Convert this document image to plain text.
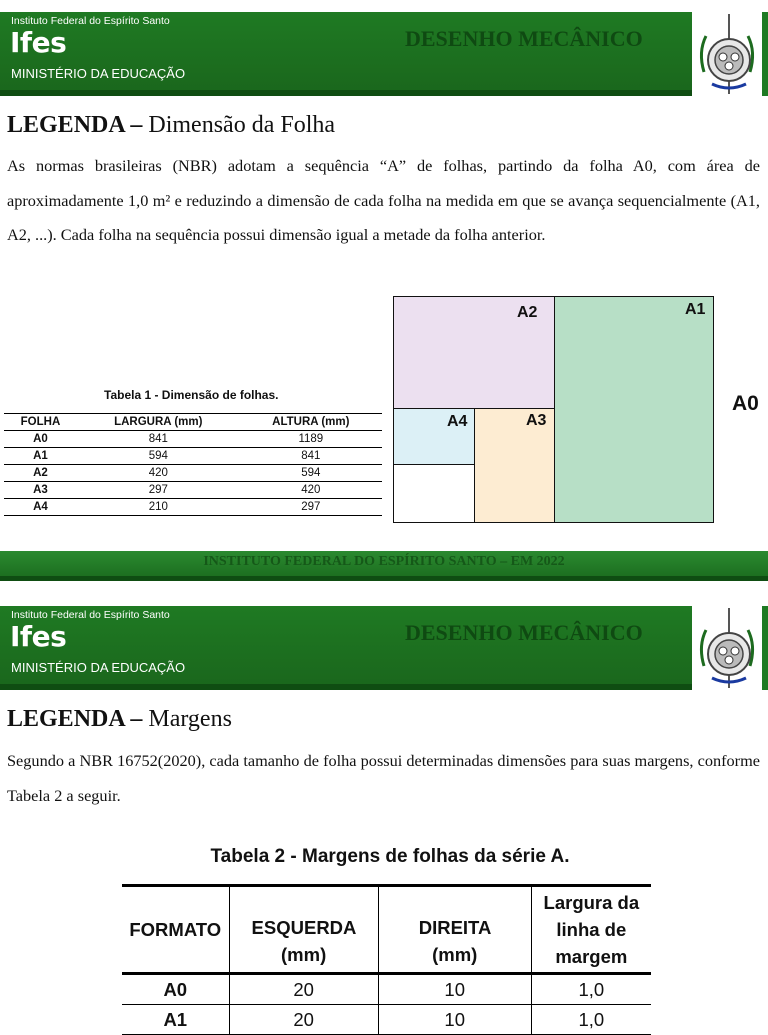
Instituto Federal do Espírito Santo
Ifes
MINISTÉRIO DA EDUCAÇÃO
DESENHO MECÂNICO
LEGENDA – Dimensão da Folha
As normas brasileiras (NBR) adotam a sequência “A” de folhas, partindo da folha A0, com área de aproximadamente 1,0 m² e reduzindo a dimensão de cada folha na medida em que se avança sequencialmente (A1, A2, ...). Cada folha na sequência possui dimensão igual a metade da folha anterior.
Tabela 1 - Dimensão de folhas.
FOLHA	LARGURA (mm)	ALTURA (mm)
A0	841	1189
A1	594	841
A2	420	594
A3	297	420
A4	210	297
A2	A1
A4	A3
A0
INSTITUTO FEDERAL DO ESPÍRITO SANTO – EM 2022
Instituto Federal do Espírito Santo
Ifes
MINISTÉRIO DA EDUCAÇÃO
DESENHO MECÂNICO
LEGENDA – Margens
Segundo a NBR 16752(2020), cada tamanho de folha possui determinadas dimensões para suas margens, conforme Tabela 2 a seguir.
Tabela 2 - Margens de folhas da série A.
FORMATO	ESQUERDA (mm)	DIREITA (mm)	Largura da linha de margem
A0	20	10	1,0
A1	20	10	1,0
